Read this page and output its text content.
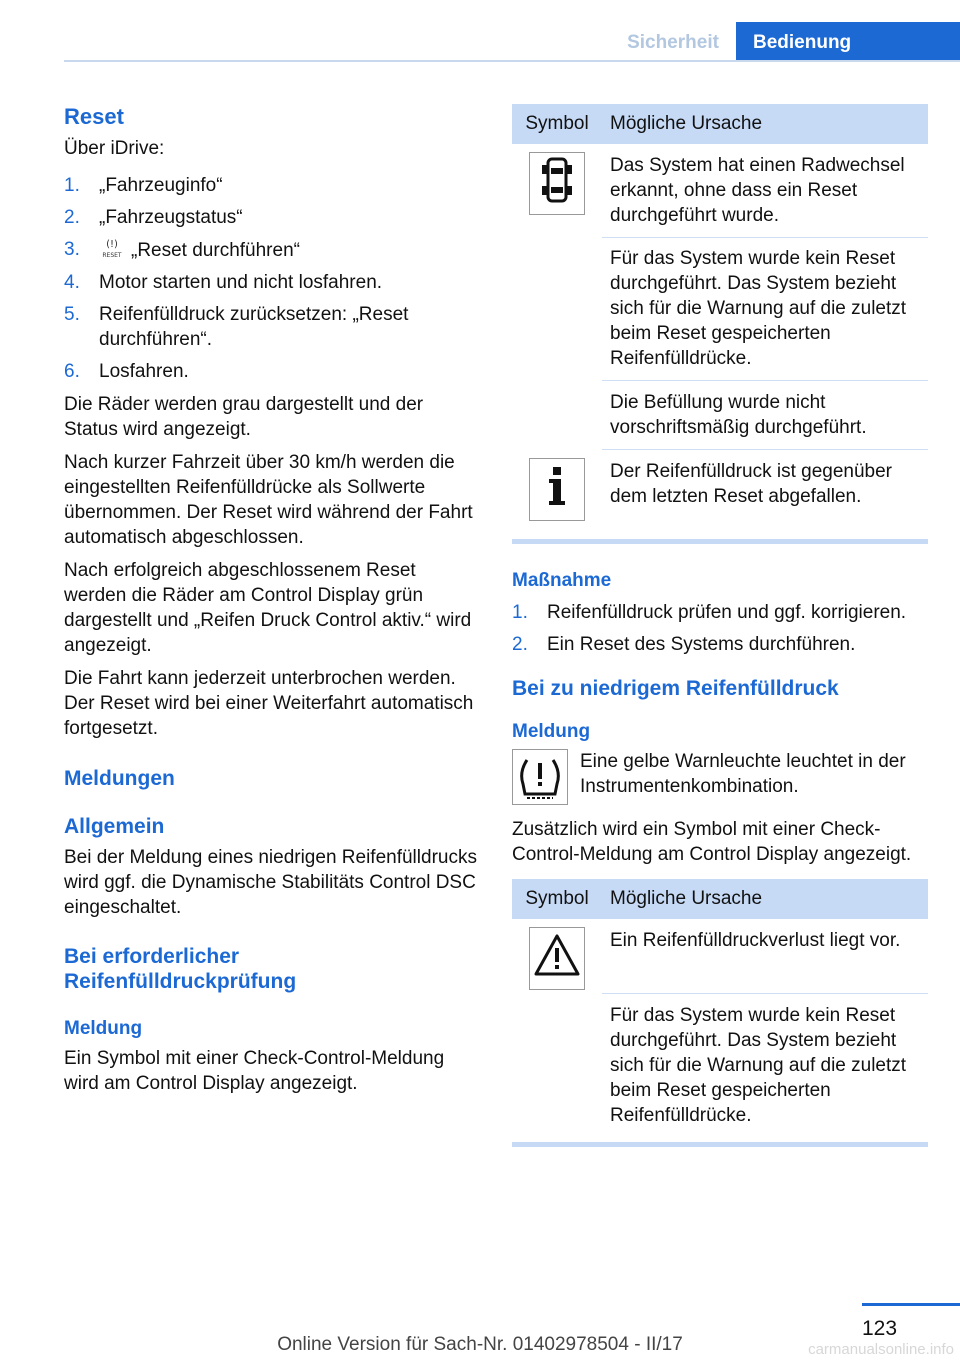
Sicherheit	Bedienung
Reset

Über iDrive:

1. „Fahrzeuginfo“
2. „Fahrzeugstatus“
3.	(!)
RESET „Reset durchführen“
4. Motor starten und nicht losfahren.
5. Reifenfülldruck zurücksetzen: „Reset durchführen“.
6. Losfahren.

Die Räder werden grau dargestellt und der Status wird angezeigt.

Nach kurzer Fahrzeit über 30 km/h werden die eingestellten Reifenfülldrücke als Sollwerte übernommen. Der Reset wird während der Fahrt automatisch abgeschlossen.

Nach erfolgreich abgeschlossenem Reset werden die Räder am Control Display grün dargestellt und „Reifen Druck Control aktiv.“ wird angezeigt.

Die Fahrt kann jederzeit unterbrochen werden. Der Reset wird bei einer Weiterfahrt automatisch fortgesetzt.

Meldungen
Allgemein

Bei der Meldung eines niedrigen Reifenfülldrucks wird ggf. die Dynamische Stabilitäts Control DSC eingeschaltet.

Bei erforderlicher Reifenfülldruckprüfung
Meldung

Ein Symbol mit einer Check-Control-Meldung wird am Control Display angezeigt.

Symbol	Mögliche Ursache
	Das System hat einen Radwechsel erkannt, ohne dass ein Reset durchgeführt wurde.
	Für das System wurde kein Reset durchgeführt. Das System bezieht sich für die Warnung auf die zuletzt beim Reset gespeicherten Reifenfülldrücke.
	Die Befüllung wurde nicht vorschriftsmäßig durchgeführt.
	Der Reifenfülldruck ist gegenüber dem letzten Reset abgefallen.
Maßnahme
1. Reifenfülldruck prüfen und ggf. korrigieren.
2. Ein Reset des Systems durchführen.
Bei zu niedrigem Reifenfülldruck
Meldung

Eine gelbe Warnleuchte leuchtet in der Instrumentenkombination.

Zusätzlich wird ein Symbol mit einer Check-Control-Meldung am Control Display angezeigt.

Symbol	Mögliche Ursache
	Ein Reifenfülldruckverlust liegt vor.
	Für das System wurde kein Reset durchgeführt. Das System bezieht sich für die Warnung auf die zuletzt beim Reset gespeicherten Reifenfülldrücke.
123
Online Version für Sach-Nr. 01402978504 - II/17	carmanualsonline.info
